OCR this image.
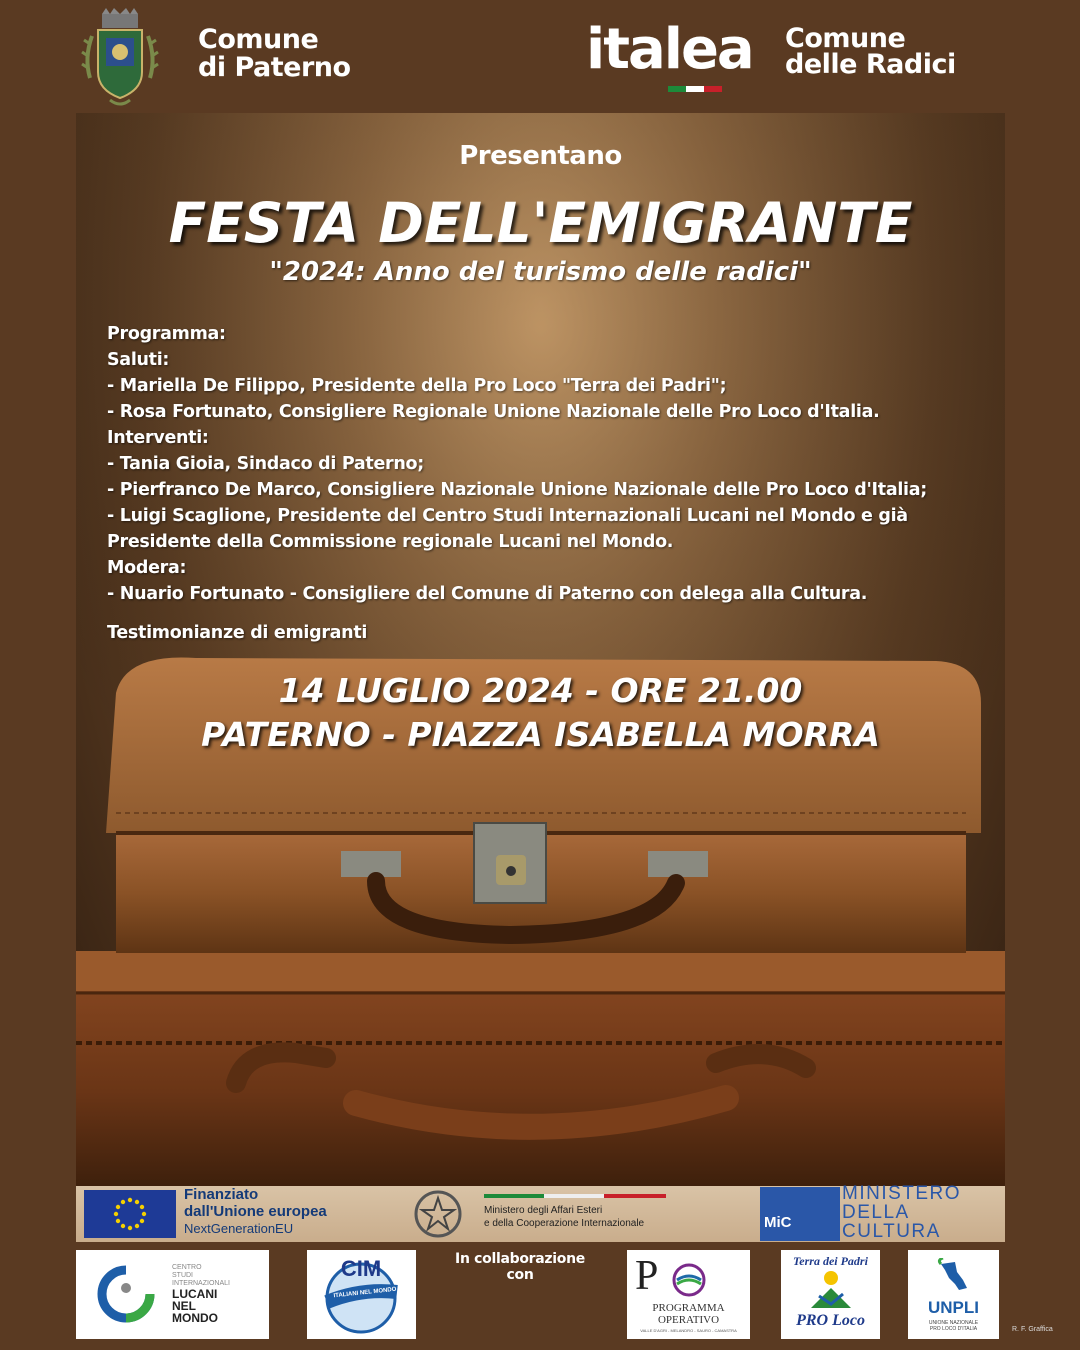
Comune
di Paterno	italea Comune
delle Radici
Presentano
FESTA DELL'EMIGRANTE
"2024: Anno del turismo delle radici"
Programma:
Saluti:
- Mariella De Filippo, Presidente della Pro Loco "Terra dei Padri";
- Rosa Fortunato, Consigliere Regionale Unione Nazionale delle Pro Loco d'Italia.
Interventi:
- Tania Gioia, Sindaco di Paterno;
- Pierfranco De Marco, Consigliere Nazionale Unione Nazionale delle Pro Loco d'Italia;
- Luigi Scaglione, Presidente del Centro Studi Internazionali Lucani nel Mondo e già
Presidente della Commissione regionale Lucani nel Mondo.
Modera:
- Nuario Fortunato - Consigliere del Comune di Paterno con delega alla Cultura.
Testimonianze di emigranti
14 LUGLIO 2024 - ORE 21.00
PATERNO - PIAZZA ISABELLA MORRA
Finanziato
dall'Unione europea
NextGenerationEU
Ministero degli Affari Esteri
e della Cooperazione Internazionale	MiC
MINISTERO
DELLA
CULTURA
CENTRO
STUDI
INTERNAZIONALI
LUCANI
NEL
MONDO
CIM
ITALIANI NEL MONDO
In collaborazione
con	P
PROGRAMMA
OPERATIVO
VALLE D'AGRI - MELANDRO - SAURO - CAMASTRA
Terra dei Padri
PRO Loco
UNPLI
UNIONE NAZIONALE
PRO LOCO D'ITALIA	R. F. Graffica
